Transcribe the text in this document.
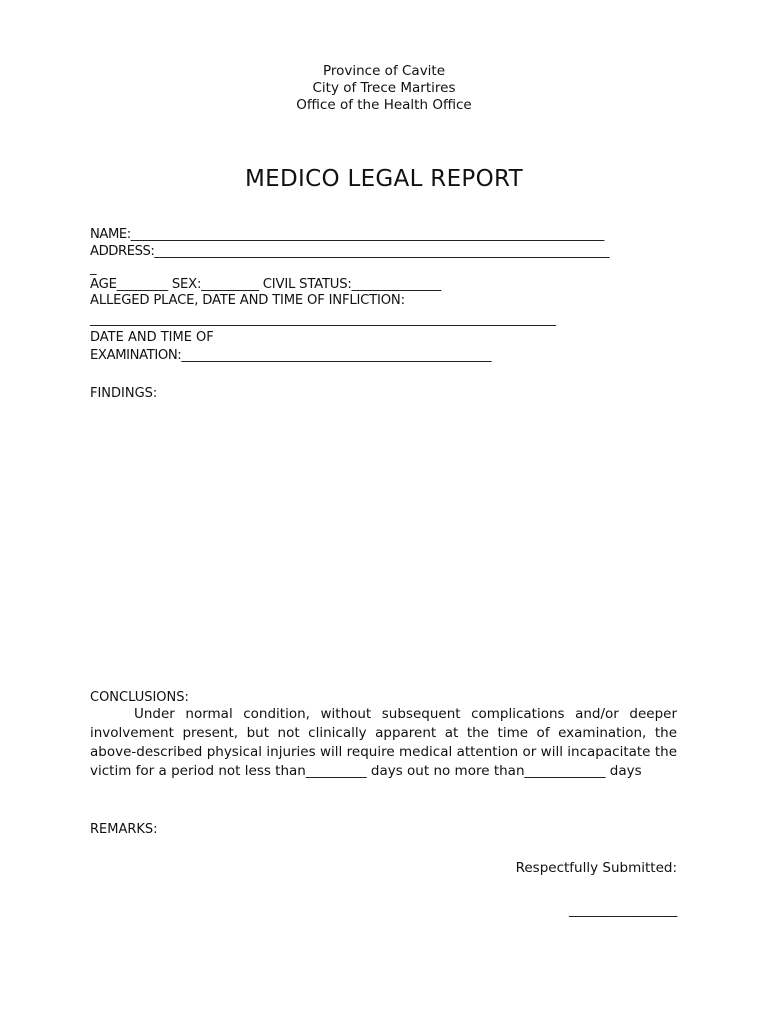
Province of Cavite
City of Trece Martires
Office of the Health Office
MEDICO LEGAL REPORT
NAME:_____________________________________________________________________________
ADDRESS:__________________________________________________________________________
_
AGE________ SEX:_________ CIVIL STATUS:______________
ALLEGED PLACE, DATE AND TIME OF INFLICTION:
_____________________________________________________________________________
DATE AND TIME OF
EXAMINATION:__________________________________________________
FINDINGS:
CONCLUSIONS:
Under normal condition, without subsequent complications and/or deeper involvement present, but not clinically apparent at the time of examination, the above-described physical injuries will require medical attention or will incapacitate the victim for a period not less than_________ days out no more than____________ days
REMARKS:
Respectfully Submitted:
_________________
